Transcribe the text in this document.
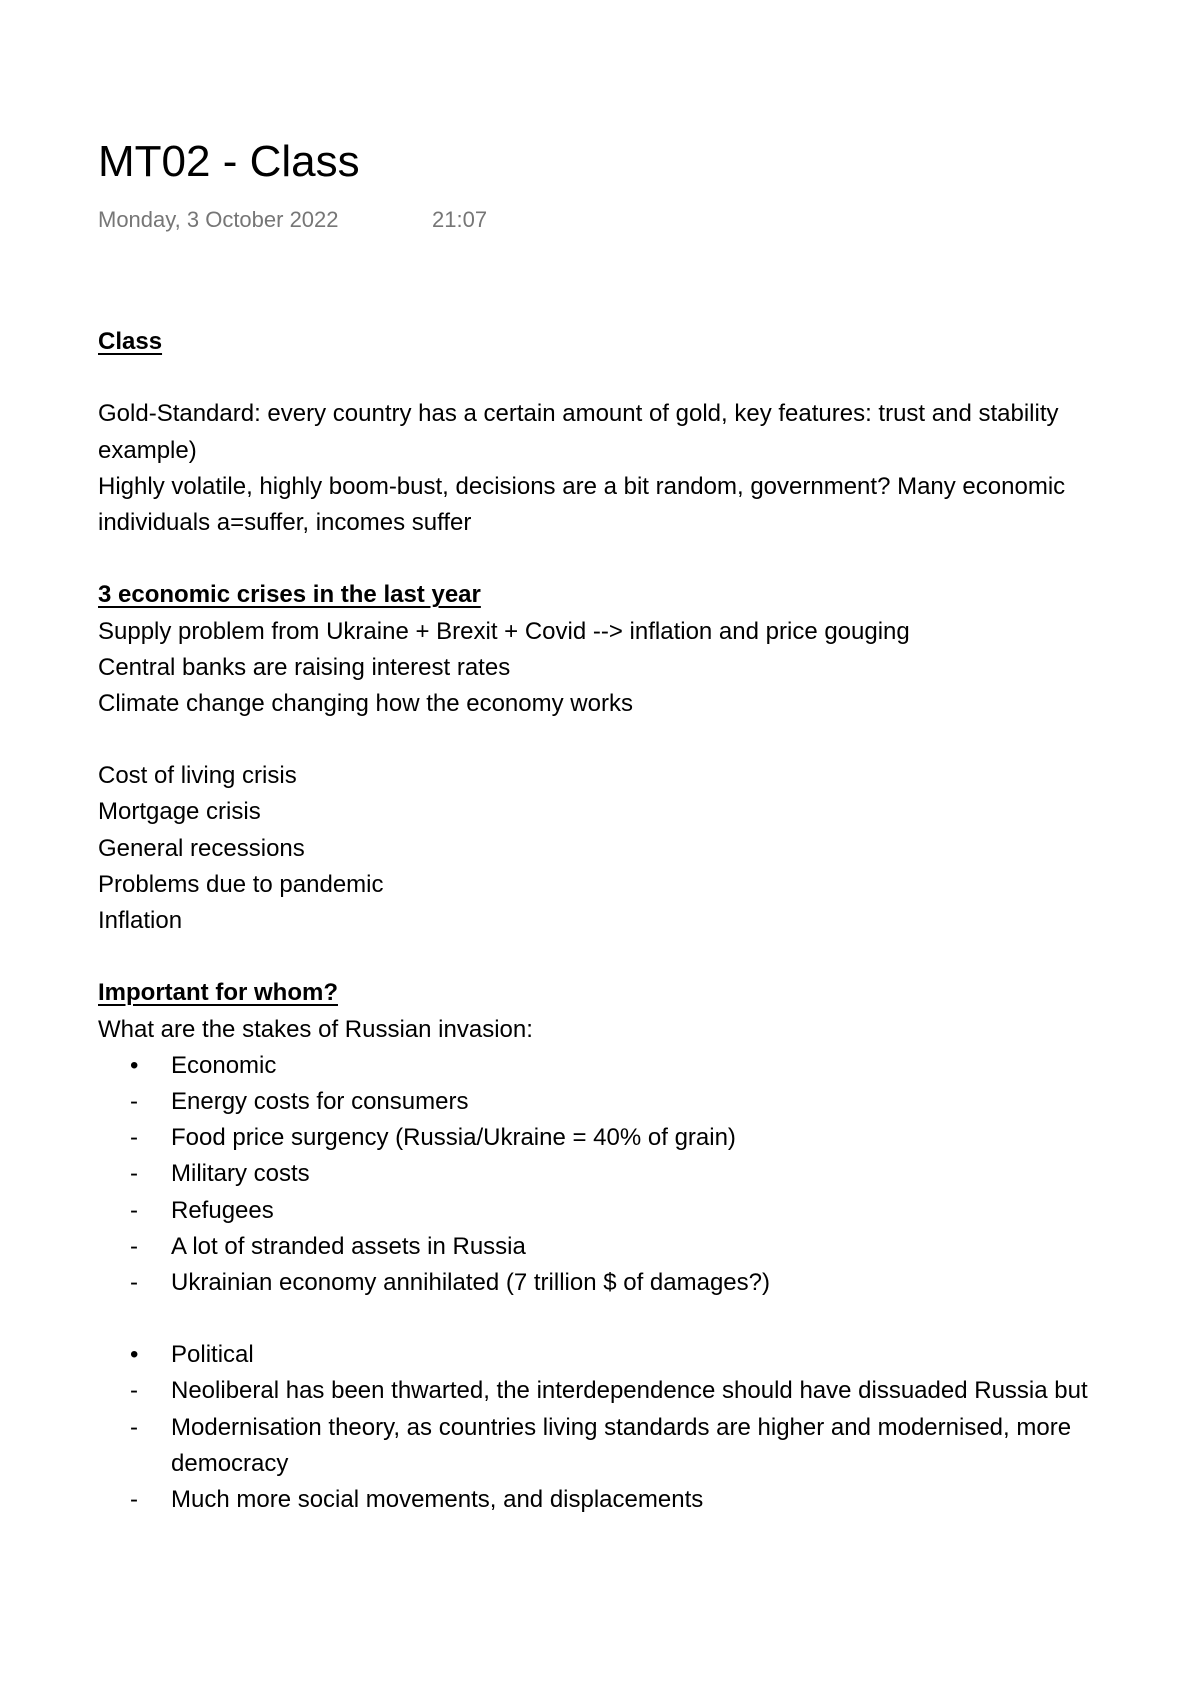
MT02 - Class
Monday, 3 October 2022	21:07
Class
Gold-Standard: every country has a certain amount of gold, key features: trust and stability
example)
Highly volatile, highly boom-bust, decisions are a bit random, government? Many economic
individuals a=suffer, incomes suffer
3 economic crises in the last year
Supply problem from Ukraine + Brexit + Covid --> inflation and price gouging
Central banks are raising interest rates
Climate change changing how the economy works
Cost of living crisis
Mortgage crisis
General recessions
Problems due to pandemic
Inflation
Important for whom?
What are the stakes of Russian invasion:
•	Economic
-	Energy costs for consumers
-	Food price surgency (Russia/Ukraine = 40% of grain)
-	Military costs
-	Refugees
-	A lot of stranded assets in Russia
-	Ukrainian economy annihilated (7 trillion $ of damages?)
•	Political
-	Neoliberal has been thwarted, the interdependence should have dissuaded Russia but
-	Modernisation theory, as countries living standards are higher and modernised, more
democracy
-	Much more social movements, and displacements
